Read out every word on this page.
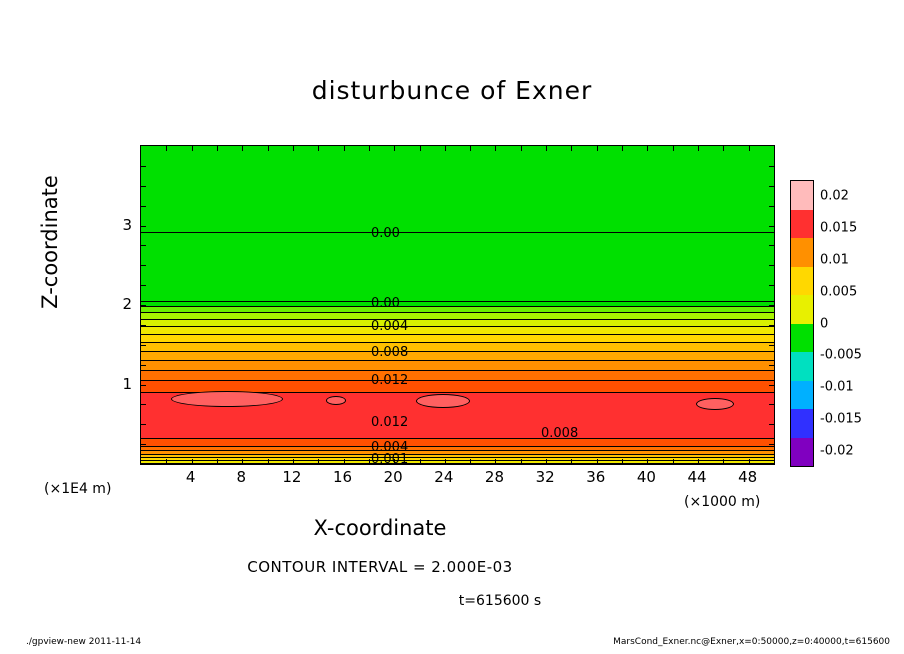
disturbunce of Exner
0.00
0.00
0.004
0.008
0.012
0.012
0.008
0.004
0.001
X-coordinate
Z-coordinate
(×1E4 m)
(×1000 m)
CONTOUR INTERVAL = 2.000E-03
t=615600 s
./gpview-new 2011-11-14	MarsCond_Exner.nc@Exner,x=0:50000,z=0:40000,t=615600
4	8 12 16 20 24 28 32 36 40 44 48
1
2
3
0.02
0.015
0.01
0.005
0
-0.005
-0.01
-0.015
-0.02
